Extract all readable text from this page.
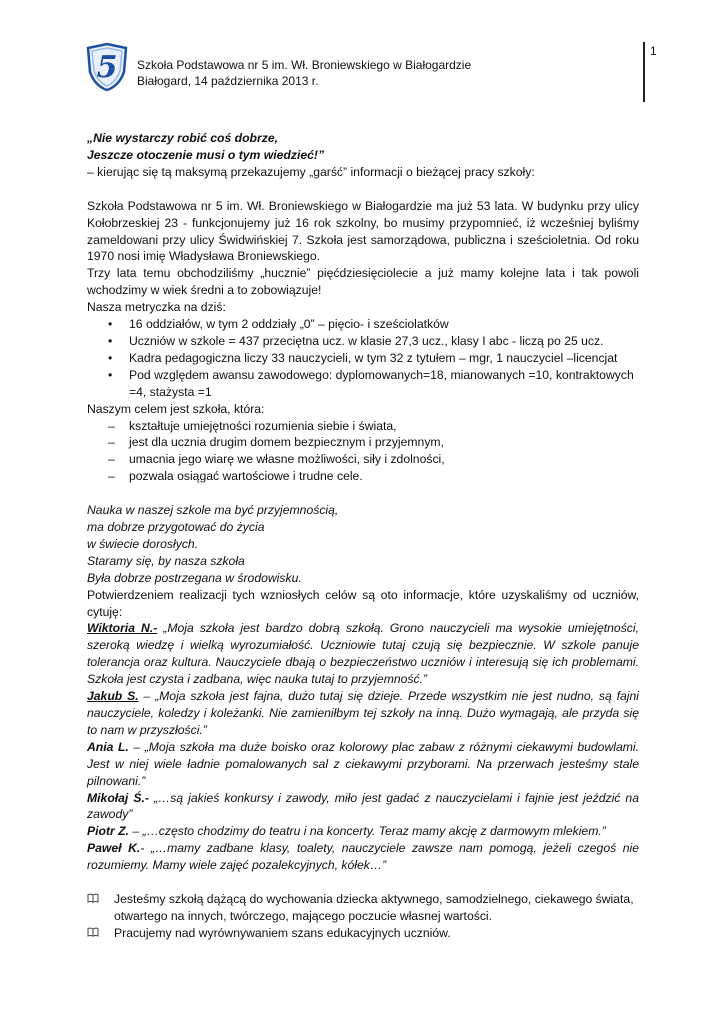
5 Szkoła Podstawowa nr 5 im. Wł. Broniewskiego w Białogardzie
Białogard, 14 października 2013 r.
1

„Nie wystarczy robić coś dobrze,

Jeszcze otoczenie musi o tym wiedzieć!”

– kierując się tą maksymą przekazujemy „garść” informacji o bieżącej pracy szkoły:

Szkoła Podstawowa nr 5 im. Wł. Broniewskiego w Białogardzie ma już 53 lata. W budynku przy ulicy Kołobrzeskiej 23 - funkcjonujemy już 16 rok szkolny, bo musimy przypomnieć, iż wcześniej byliśmy zameldowani przy ulicy Świdwińskiej 7. Szkoła jest samorządowa, publiczna i sześcioletnia. Od roku 1970 nosi imię Władysława Broniewskiego.

Trzy lata temu obchodziliśmy „hucznie” pięćdziesięciolecie a już mamy kolejne lata i tak powoli wchodzimy w wiek średni a to zobowiązuje!

Nasza metryczka na dziś:

• 16 oddziałów, w tym 2 oddziały „0” – pięcio- i sześciolatków
• Uczniów w szkole = 437 przeciętna ucz. w klasie 27,3 ucz., klasy I abc - liczą po 25 ucz.
• Kadra pedagogiczna liczy 33 nauczycieli, w tym 32 z tytułem – mgr, 1 nauczyciel –licencjat
• Pod względem awansu zawodowego: dyplomowanych=18, mianowanych =10, kontraktowych =4, stażysta =1

Naszym celem jest szkoła, która:

– kształtuje umiejętności rozumienia siebie i świata,
– jest dla ucznia drugim domem bezpiecznym i przyjemnym,
– umacnia jego wiarę we własne możliwości, siły i zdolności,
– pozwala osiągać wartościowe i trudne cele.

Nauka w naszej szkole ma być przyjemnością,

ma dobrze przygotować do życia

w świecie dorosłych.

Staramy się, by nasza szkoła

Była dobrze postrzegana w środowisku.

Potwierdzeniem realizacji tych wzniosłych celów są oto informacje, które uzyskaliśmy od uczniów, cytuję:

Wiktoria N.- „Moja szkoła jest bardzo dobrą szkołą. Grono nauczycieli ma wysokie umiejętności, szeroką wiedzę i wielką wyrozumiałość. Uczniowie tutaj czują się bezpiecznie. W szkole panuje tolerancja oraz kultura. Nauczyciele dbają o bezpieczeństwo uczniów i interesują się ich problemami. Szkoła jest czysta i zadbana, więc nauka tutaj to przyjemność.”

Jakub S. – „Moja szkoła jest fajna, dużo tutaj się dzieje. Przede wszystkim nie jest nudno, są fajni nauczyciele, koledzy i koleżanki. Nie zamieniłbym tej szkoły na inną. Dużo wymagają, ale przyda się to nam w przyszłości.”

Ania L. – „Moja szkoła ma duże boisko oraz kolorowy plac zabaw z różnymi ciekawymi budowlami. Jest w niej wiele ładnie pomalowanych sal z ciekawymi przyborami. Na przerwach jesteśmy stale pilnowani.”

Mikołaj Ś.- „…są jakieś konkursy i zawody, miło jest gadać z nauczycielami i fajnie jest jeździć na zawody”

Piotr Z. – „…często chodzimy do teatru i na koncerty. Teraz mamy akcję z darmowym mlekiem.”

Paweł K.- „…mamy zadbane klasy, toalety, nauczyciele zawsze nam pomogą, jeżeli czegoś nie rozumiemy. Mamy wiele zajęć pozalekcyjnych, kółek…”

Jesteśmy szkołą dążącą do wychowania dziecka aktywnego, samodzielnego, ciekawego świata, otwartego na innych, twórczego, mającego poczucie własnej wartości.
Pracujemy nad wyrównywaniem szans edukacyjnych uczniów.
